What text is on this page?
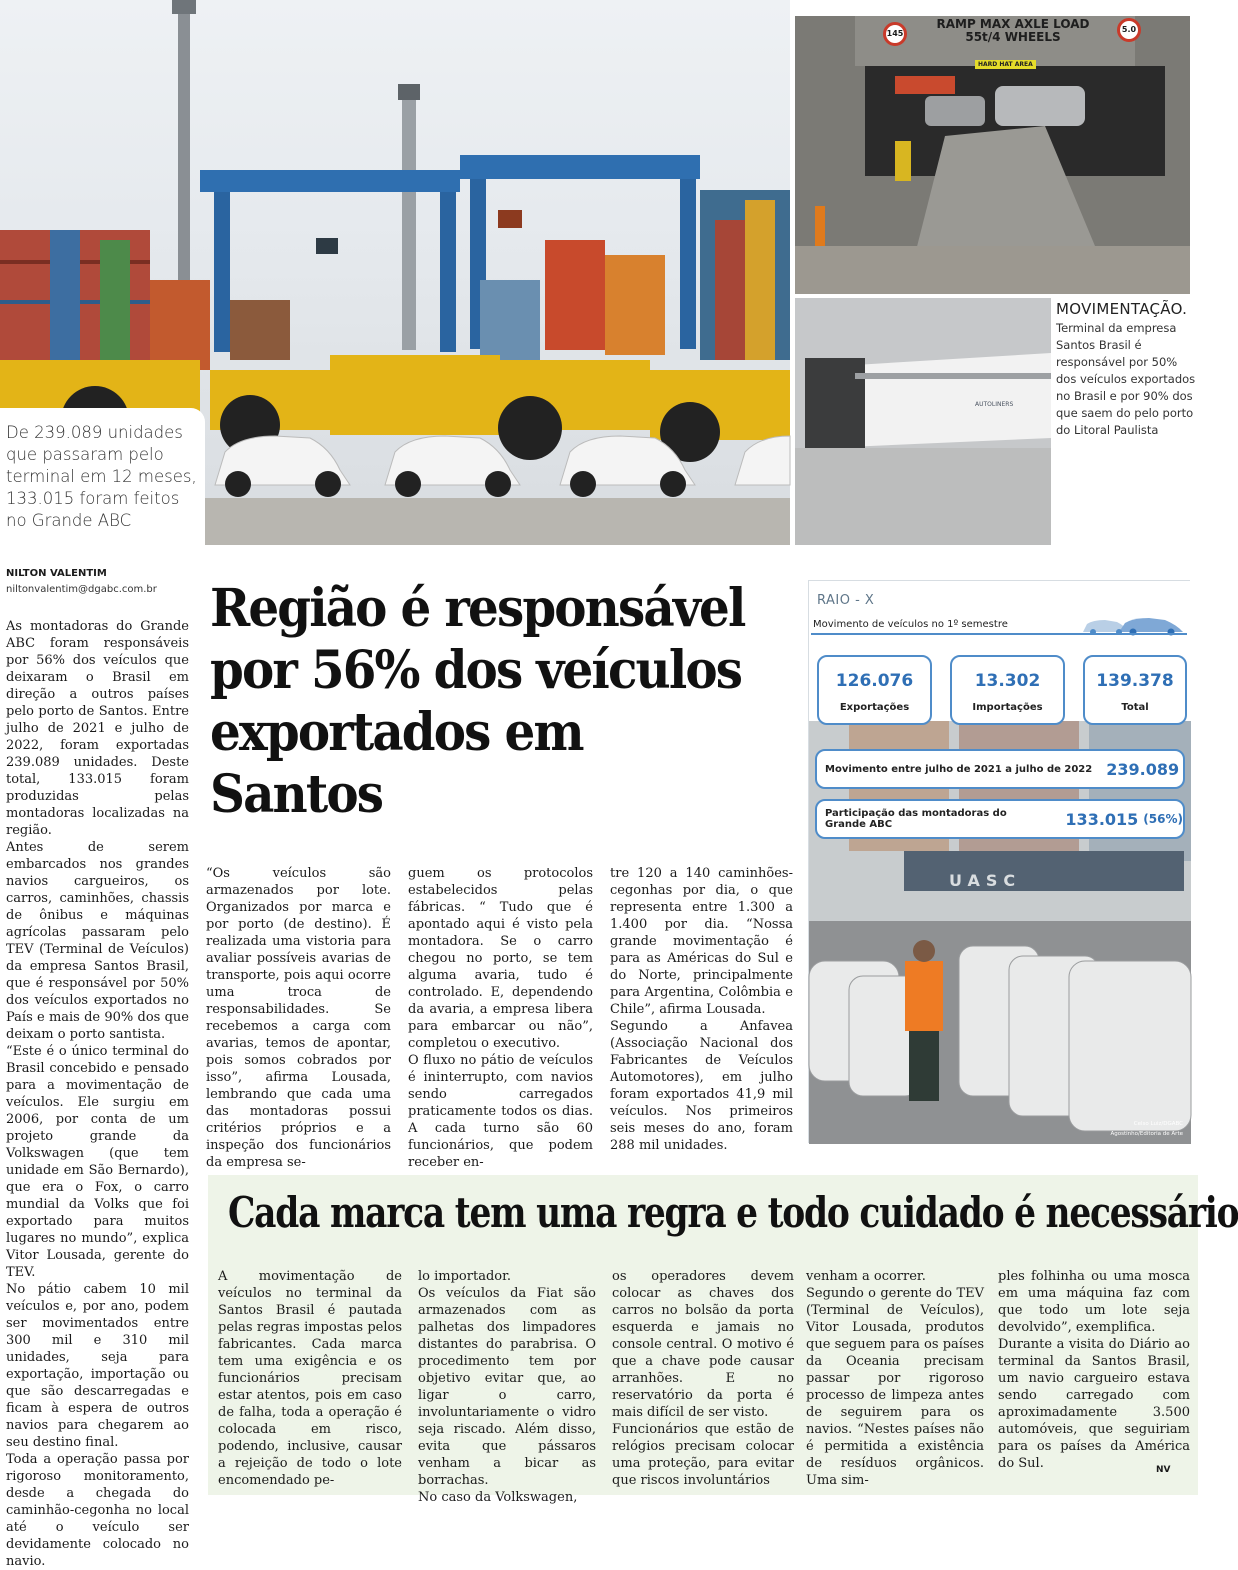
De 239.089 unidades que passaram pelo terminal em 12 meses, 133.015 foram feitos no Grande ABC

RAMP MAX AXLE LOAD
55t/4 WHEELS
145	5.0
HARD HAT AREA
AUTOLINERS
MOVIMENTAÇÃO.

Terminal da empresa Santos Brasil é responsável por 50% dos veículos exportados no Brasil e por 90% dos que saem do pelo porto do Litoral Paulista

NILTON VALENTIM
niltonvalentim@dgabc.com.br	Região é responsável
por 56% dos veículos
exportados em Santos
As montadoras do Grande ABC foram responsáveis por 56% dos veículos que deixaram o Brasil em direção a outros países pelo porto de Santos. Entre julho de 2021 e julho de 2022, foram exportadas 239.089 unidades. Deste total, 133.015 foram produzidas pelas montadoras localizadas na região.
Antes de serem embarcados nos grandes navios cargueiros, os carros, caminhões, chassis de ônibus e máquinas agrícolas passaram pelo TEV (Terminal de Veículos) da empresa Santos Brasil, que é responsável por 50% dos veículos exportados no País e mais de 90% dos que deixam o porto santista.
“Este é o único terminal do Brasil concebido e pensado para a movimentação de veículos. Ele surgiu em 2006, por conta de um projeto grande da Volkswagen (que tem unidade em São Bernardo), que era o Fox, o carro mundial da Volks que foi exportado para muitos lugares no mundo”, explica Vitor Lousada, gerente do TEV.
No pátio cabem 10 mil veículos e, por ano, podem ser movimentados entre 300 mil e 310 mil unidades, seja para exportação, importação ou que são descarregadas e ficam à espera de outros navios para chegarem ao seu destino final.
Toda a operação passa por rigoroso monitoramento, desde a chegada do caminhão-cegonha no local até o veículo ser devidamente colocado no navio.
“Os veículos são armazenados por lote. Organizados por marca e por porto (de destino). É realizada uma vistoria para avaliar possíveis avarias de transporte, pois aqui ocorre uma troca de responsabilidades. Se recebemos a carga com avarias, temos de apontar, pois somos cobrados por isso”, afirma Lousada, lembrando que cada uma das montadoras possui critérios próprios e a inspeção dos funcionários da empresa se-
guem os protocolos estabelecidos pelas fábricas. “ Tudo que é apontado aqui é visto pela montadora. Se o carro chegou no porto, se tem alguma avaria, tudo é controlado. E, dependendo da avaria, a empresa libera para embarcar ou não”, completou o executivo.
O fluxo no pátio de veículos é ininterrupto, com navios sendo carregados praticamente todos os dias. A cada turno são 60 funcionários, que podem receber en-
tre 120 a 140 caminhões-cegonhas por dia, o que representa entre 1.300 a 1.400 por dia. “Nossa grande movimentação é para as Américas do Sul e do Norte, principalmente para Argentina, Colômbia e Chile”, afirma Lousada.
Segundo a Anfavea (Associação Nacional dos Fabricantes de Veículos Automotores), em julho foram exportados 41,9 mil veículos. Nos primeiros seis meses do ano, foram 288 mil unidades.
RAIO - X
Movimento de veículos no 1º semestre
126.076
Exportações
13.302
Importações
139.378
Total
Movimento entre julho de 2021 a julho de 2022 239.089
Participação das montadoras do Grande ABC	133.015 (56%)
UASC
Celso Luiz/DGABC
Agostinho/Editoria de Arte
Cada marca tem uma regra e todo cuidado é necessário
A movimentação de veículos no terminal da Santos Brasil é pautada pelas regras impostas pelos fabricantes. Cada marca tem uma exigência e os funcionários precisam estar atentos, pois em caso de falha, toda a operação é colocada em risco, podendo, inclusive, causar a rejeição de todo o lote encomendado pe-
lo importador.
Os veículos da Fiat são armazenados com as palhetas dos limpadores distantes do parabrisa. O procedimento tem por objetivo evitar que, ao ligar o carro, involuntariamente o vidro seja riscado. Além disso, evita que pássaros venham a bicar as borrachas.
No caso da Volkswagen,
os operadores devem colocar as chaves dos carros no bolsão da porta esquerda e jamais no console central. O motivo é que a chave pode causar arranhões. E no reservatório da porta é mais difícil de ser visto.
Funcionários que estão de relógios precisam colocar uma proteção, para evitar que riscos involuntários
venham a ocorrer.
Segundo o gerente do TEV (Terminal de Veículos), Vitor Lousada, produtos que seguem para os países da Oceania precisam passar por rigoroso processo de limpeza antes de seguirem para os navios. “Nestes países não é permitida a existência de resíduos orgânicos. Uma sim-
ples folhinha ou uma mosca em uma máquina faz com que todo um lote seja devolvido”, exemplifica.
Durante a visita do Diário ao terminal da Santos Brasil, um navio cargueiro estava sendo carregado com aproximadamente 3.500 automóveis, que seguiriam para os países da América do Sul.	NV
